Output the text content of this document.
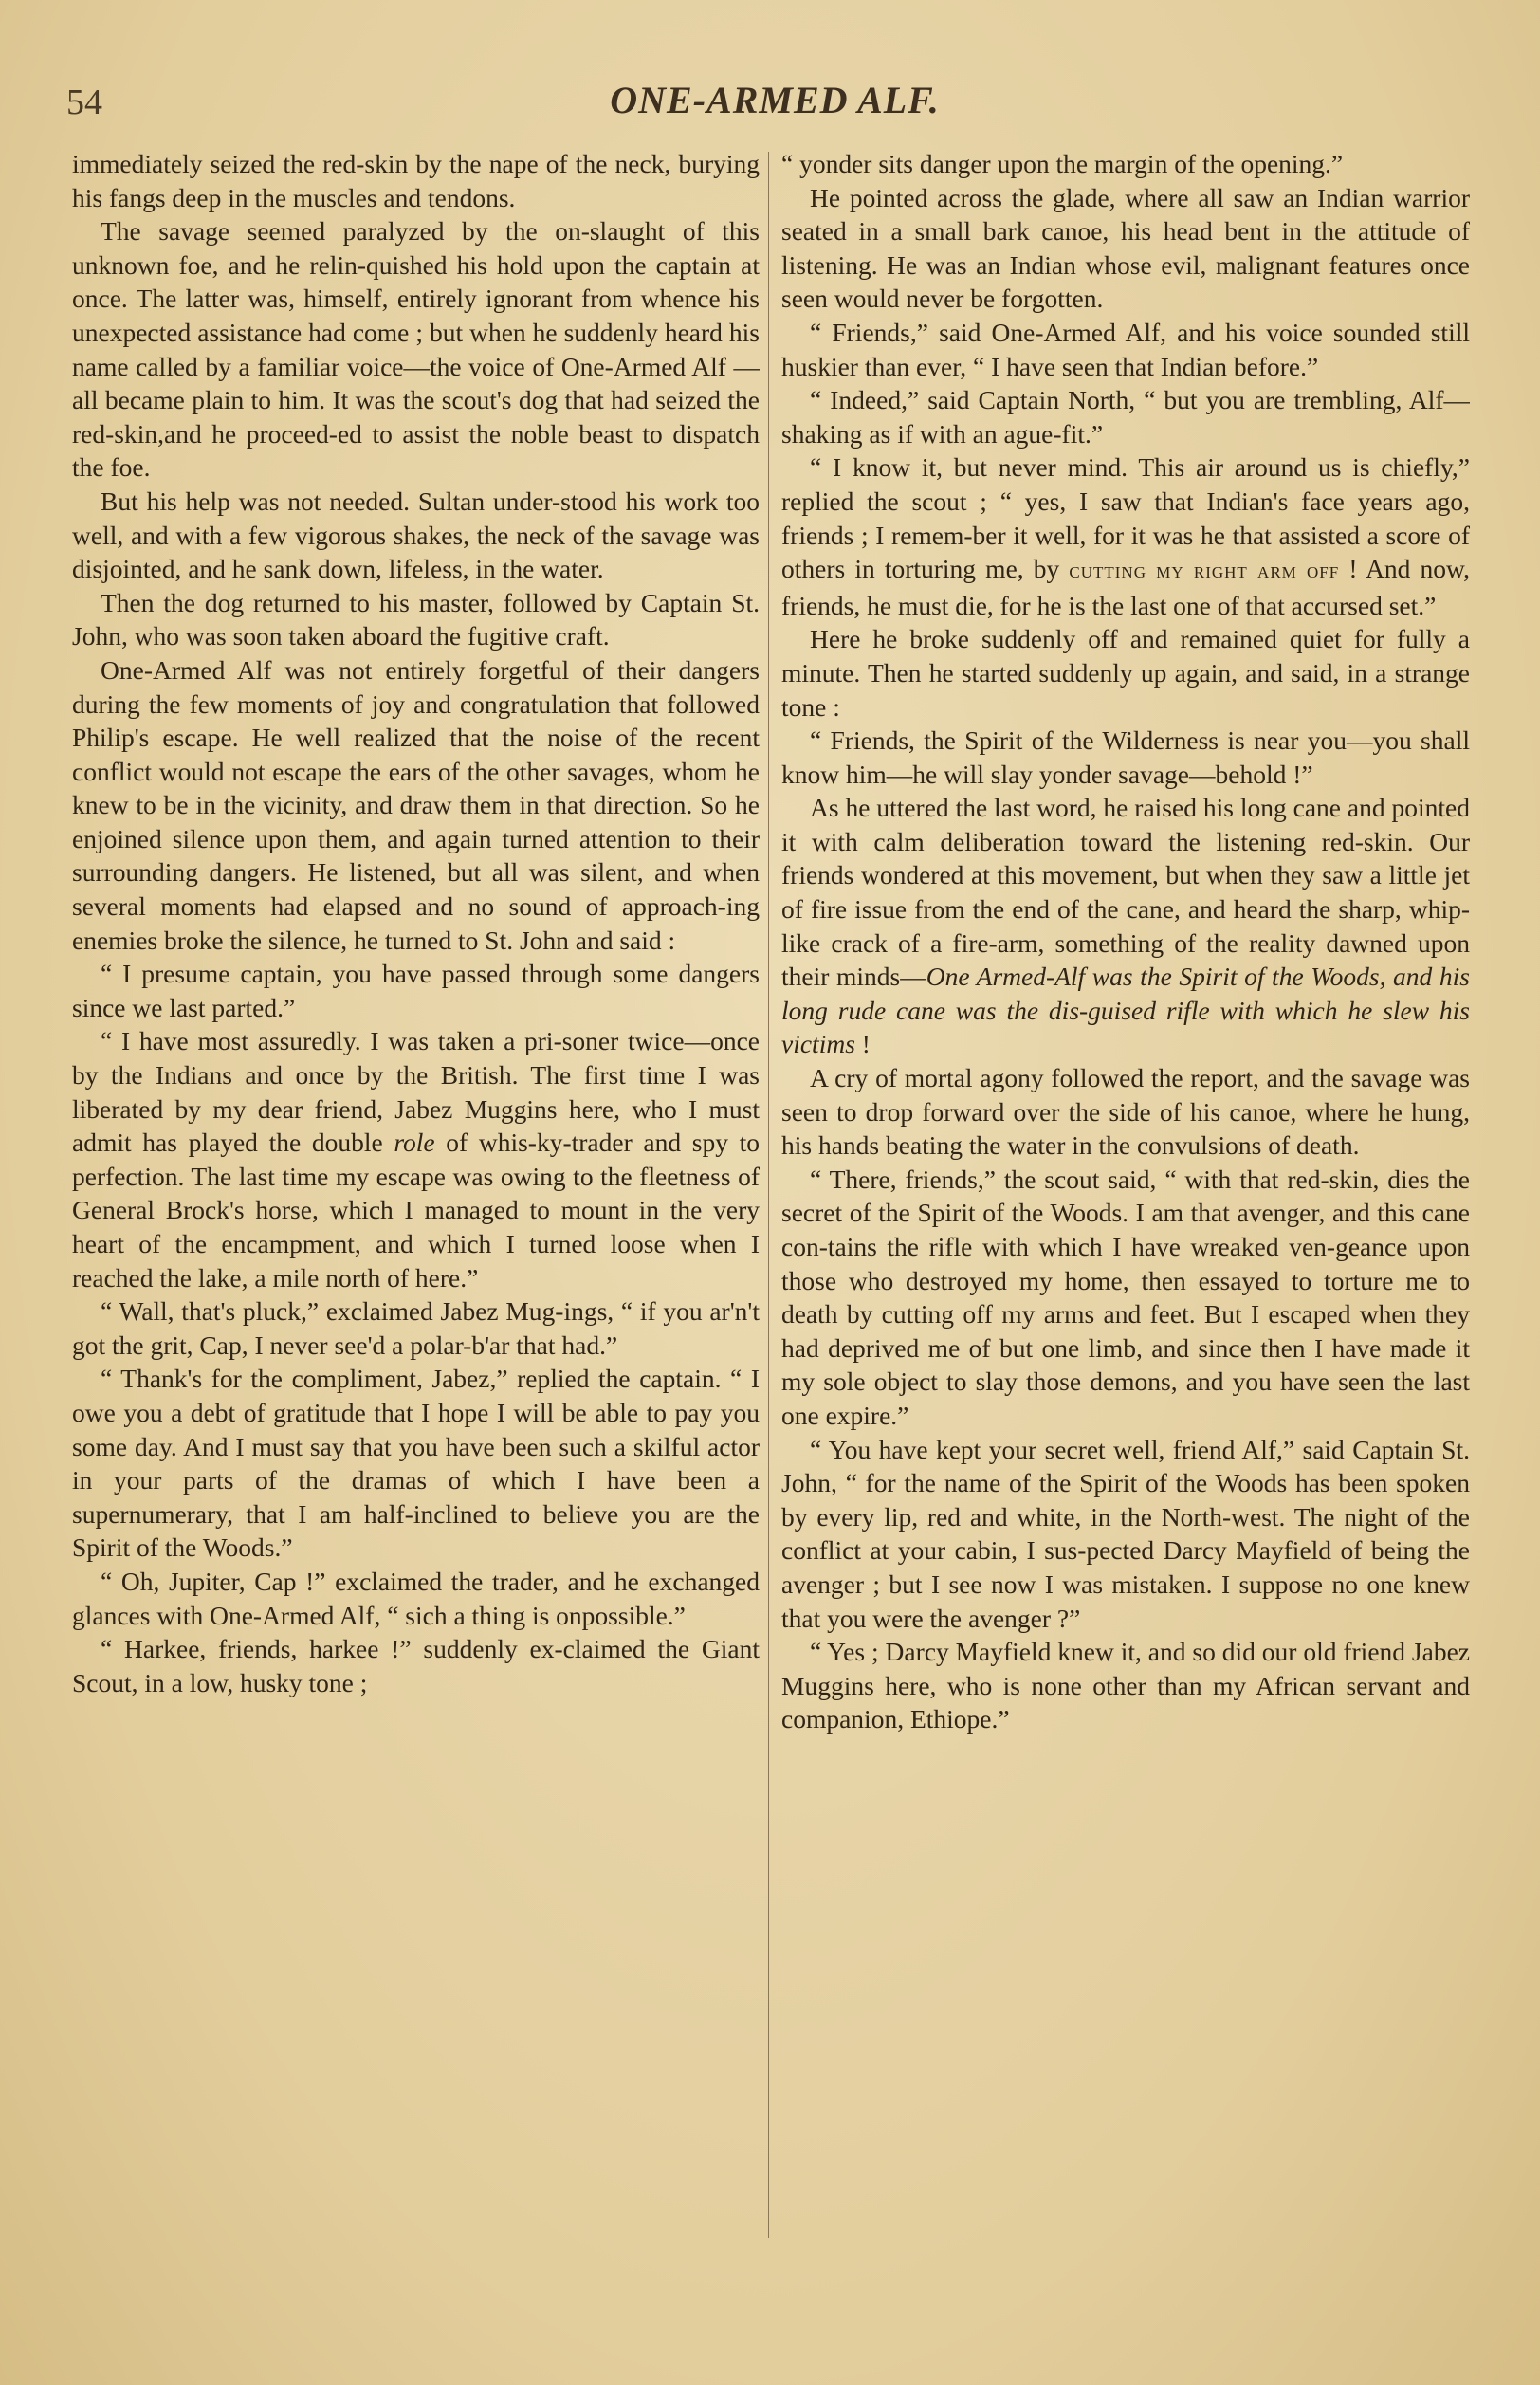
54	ONE-ARMED ALF.

immediately seized the red-skin by the nape of the neck, burying his fangs deep in the muscles and tendons.

The savage seemed paralyzed by the on-slaught of this unknown foe, and he relin-quished his hold upon the captain at once. The latter was, himself, entirely ignorant from whence his unexpected assistance had come ; but when he suddenly heard his name called by a familiar voice—the voice of One-Armed Alf —all became plain to him. It was the scout's dog that had seized the red-skin,and he proceed-ed to assist the noble beast to dispatch the foe.

But his help was not needed. Sultan under-stood his work too well, and with a few vigorous shakes, the neck of the savage was disjointed, and he sank down, lifeless, in the water.

Then the dog returned to his master, followed by Captain St. John, who was soon taken aboard the fugitive craft.

One-Armed Alf was not entirely forgetful of their dangers during the few moments of joy and congratulation that followed Philip's escape. He well realized that the noise of the recent conflict would not escape the ears of the other savages, whom he knew to be in the vicinity, and draw them in that direction. So he enjoined silence upon them, and again turned attention to their surrounding dangers. He listened, but all was silent, and when several moments had elapsed and no sound of approach-ing enemies broke the silence, he turned to St. John and said :

“ I presume captain, you have passed through some dangers since we last parted.”

“ I have most assuredly. I was taken a pri-soner twice—once by the Indians and once by the British. The first time I was liberated by my dear friend, Jabez Muggins here, who I must admit has played the double role of whis-ky-trader and spy to perfection. The last time my escape was owing to the fleetness of General Brock's horse, which I managed to mount in the very heart of the encampment, and which I turned loose when I reached the lake, a mile north of here.”

“ Wall, that's pluck,” exclaimed Jabez Mug-ings, “ if you ar'n't got the grit, Cap, I never see'd a polar-b'ar that had.”

“ Thank's for the compliment, Jabez,” replied the captain. “ I owe you a debt of gratitude that I hope I will be able to pay you some day. And I must say that you have been such a skilful actor in your parts of the dramas of which I have been a supernumerary, that I am half-inclined to believe you are the Spirit of the Woods.”

“ Oh, Jupiter, Cap !” exclaimed the trader, and he exchanged glances with One-Armed Alf, “ sich a thing is onpossible.”

“ Harkee, friends, harkee !” suddenly ex-claimed the Giant Scout, in a low, husky tone ;

“ yonder sits danger upon the margin of the opening.”

He pointed across the glade, where all saw an Indian warrior seated in a small bark canoe, his head bent in the attitude of listening. He was an Indian whose evil, malignant features once seen would never be forgotten.

“ Friends,” said One-Armed Alf, and his voice sounded still huskier than ever, “ I have seen that Indian before.”

“ Indeed,” said Captain North, “ but you are trembling, Alf—shaking as if with an ague-fit.”

“ I know it, but never mind. This air around us is chiefly,” replied the scout ; “ yes, I saw that Indian's face years ago, friends ; I remem-ber it well, for it was he that assisted a score of others in torturing me, by cutting my right arm off ! And now, friends, he must die, for he is the last one of that accursed set.”

Here he broke suddenly off and remained quiet for fully a minute. Then he started suddenly up again, and said, in a strange tone :

“ Friends, the Spirit of the Wilderness is near you—you shall know him—he will slay yonder savage—behold !”

As he uttered the last word, he raised his long cane and pointed it with calm deliberation toward the listening red-skin. Our friends wondered at this movement, but when they saw a little jet of fire issue from the end of the cane, and heard the sharp, whip-like crack of a fire-arm, something of the reality dawned upon their minds—One Armed-Alf was the Spirit of the Woods, and his long rude cane was the dis-guised rifle with which he slew his victims !

A cry of mortal agony followed the report, and the savage was seen to drop forward over the side of his canoe, where he hung, his hands beating the water in the convulsions of death.

“ There, friends,” the scout said, “ with that red-skin, dies the secret of the Spirit of the Woods. I am that avenger, and this cane con-tains the rifle with which I have wreaked ven-geance upon those who destroyed my home, then essayed to torture me to death by cutting off my arms and feet. But I escaped when they had deprived me of but one limb, and since then I have made it my sole object to slay those demons, and you have seen the last one expire.”

“ You have kept your secret well, friend Alf,” said Captain St. John, “ for the name of the Spirit of the Woods has been spoken by every lip, red and white, in the North-west. The night of the conflict at your cabin, I sus-pected Darcy Mayfield of being the avenger ; but I see now I was mistaken. I suppose no one knew that you were the avenger ?”

“ Yes ; Darcy Mayfield knew it, and so did our old friend Jabez Muggins here, who is none other than my African servant and companion, Ethiope.”
